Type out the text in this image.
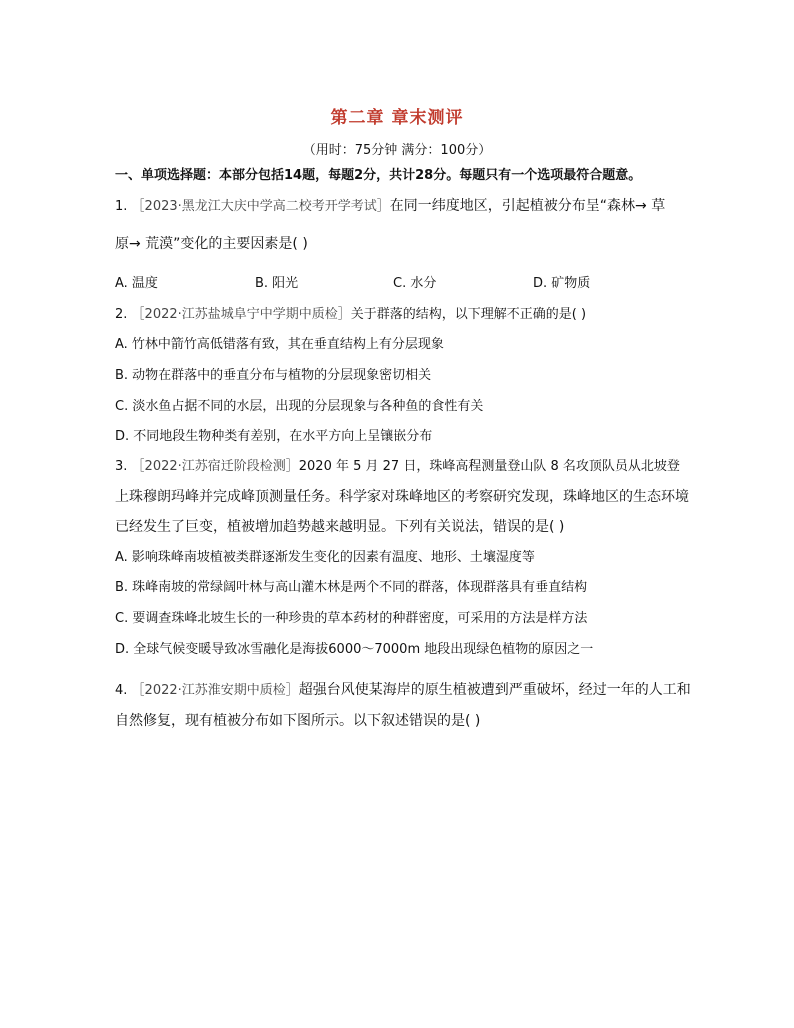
第二章 章末测评
（用时：75分钟 满分：100分）
一、单项选择题：本部分包括14题，每题2分，共计28分。每题只有一个选项最符合题意。
1. ［2023·黑龙江大庆中学高二校考开学考试］在同一纬度地区，引起植被分布呈“森林→ 草
原→ 荒漠”变化的主要因素是( )
A. 温度	B. 阳光	C. 水分	D. 矿物质
2. ［2022·江苏盐城阜宁中学期中质检］关于群落的结构，以下理解不正确的是( )
A. 竹林中箭竹高低错落有致，其在垂直结构上有分层现象
B. 动物在群落中的垂直分布与植物的分层现象密切相关
C. 淡水鱼占据不同的水层，出现的分层现象与各种鱼的食性有关
D. 不同地段生物种类有差别，在水平方向上呈镶嵌分布
3. ［2022·江苏宿迁阶段检测］2020 年 5 月 27 日，珠峰高程测量登山队 8 名攻顶队员从北坡登
上珠穆朗玛峰并完成峰顶测量任务。科学家对珠峰地区的考察研究发现，珠峰地区的生态环境
已经发生了巨变，植被增加趋势越来越明显。下列有关说法，错误的是( )
A. 影响珠峰南坡植被类群逐渐发生变化的因素有温度、地形、土壤湿度等
B. 珠峰南坡的常绿阔叶林与高山灌木林是两个不同的群落，体现群落具有垂直结构
C. 要调查珠峰北坡生长的一种珍贵的草本药材的种群密度，可采用的方法是样方法
D. 全球气候变暖导致冰雪融化是海拔6000～7000m 地段出现绿色植物的原因之一
4. ［2022·江苏淮安期中质检］超强台风使某海岸的原生植被遭到严重破坏，经过一年的人工和
自然修复，现有植被分布如下图所示。以下叙述错误的是( )
